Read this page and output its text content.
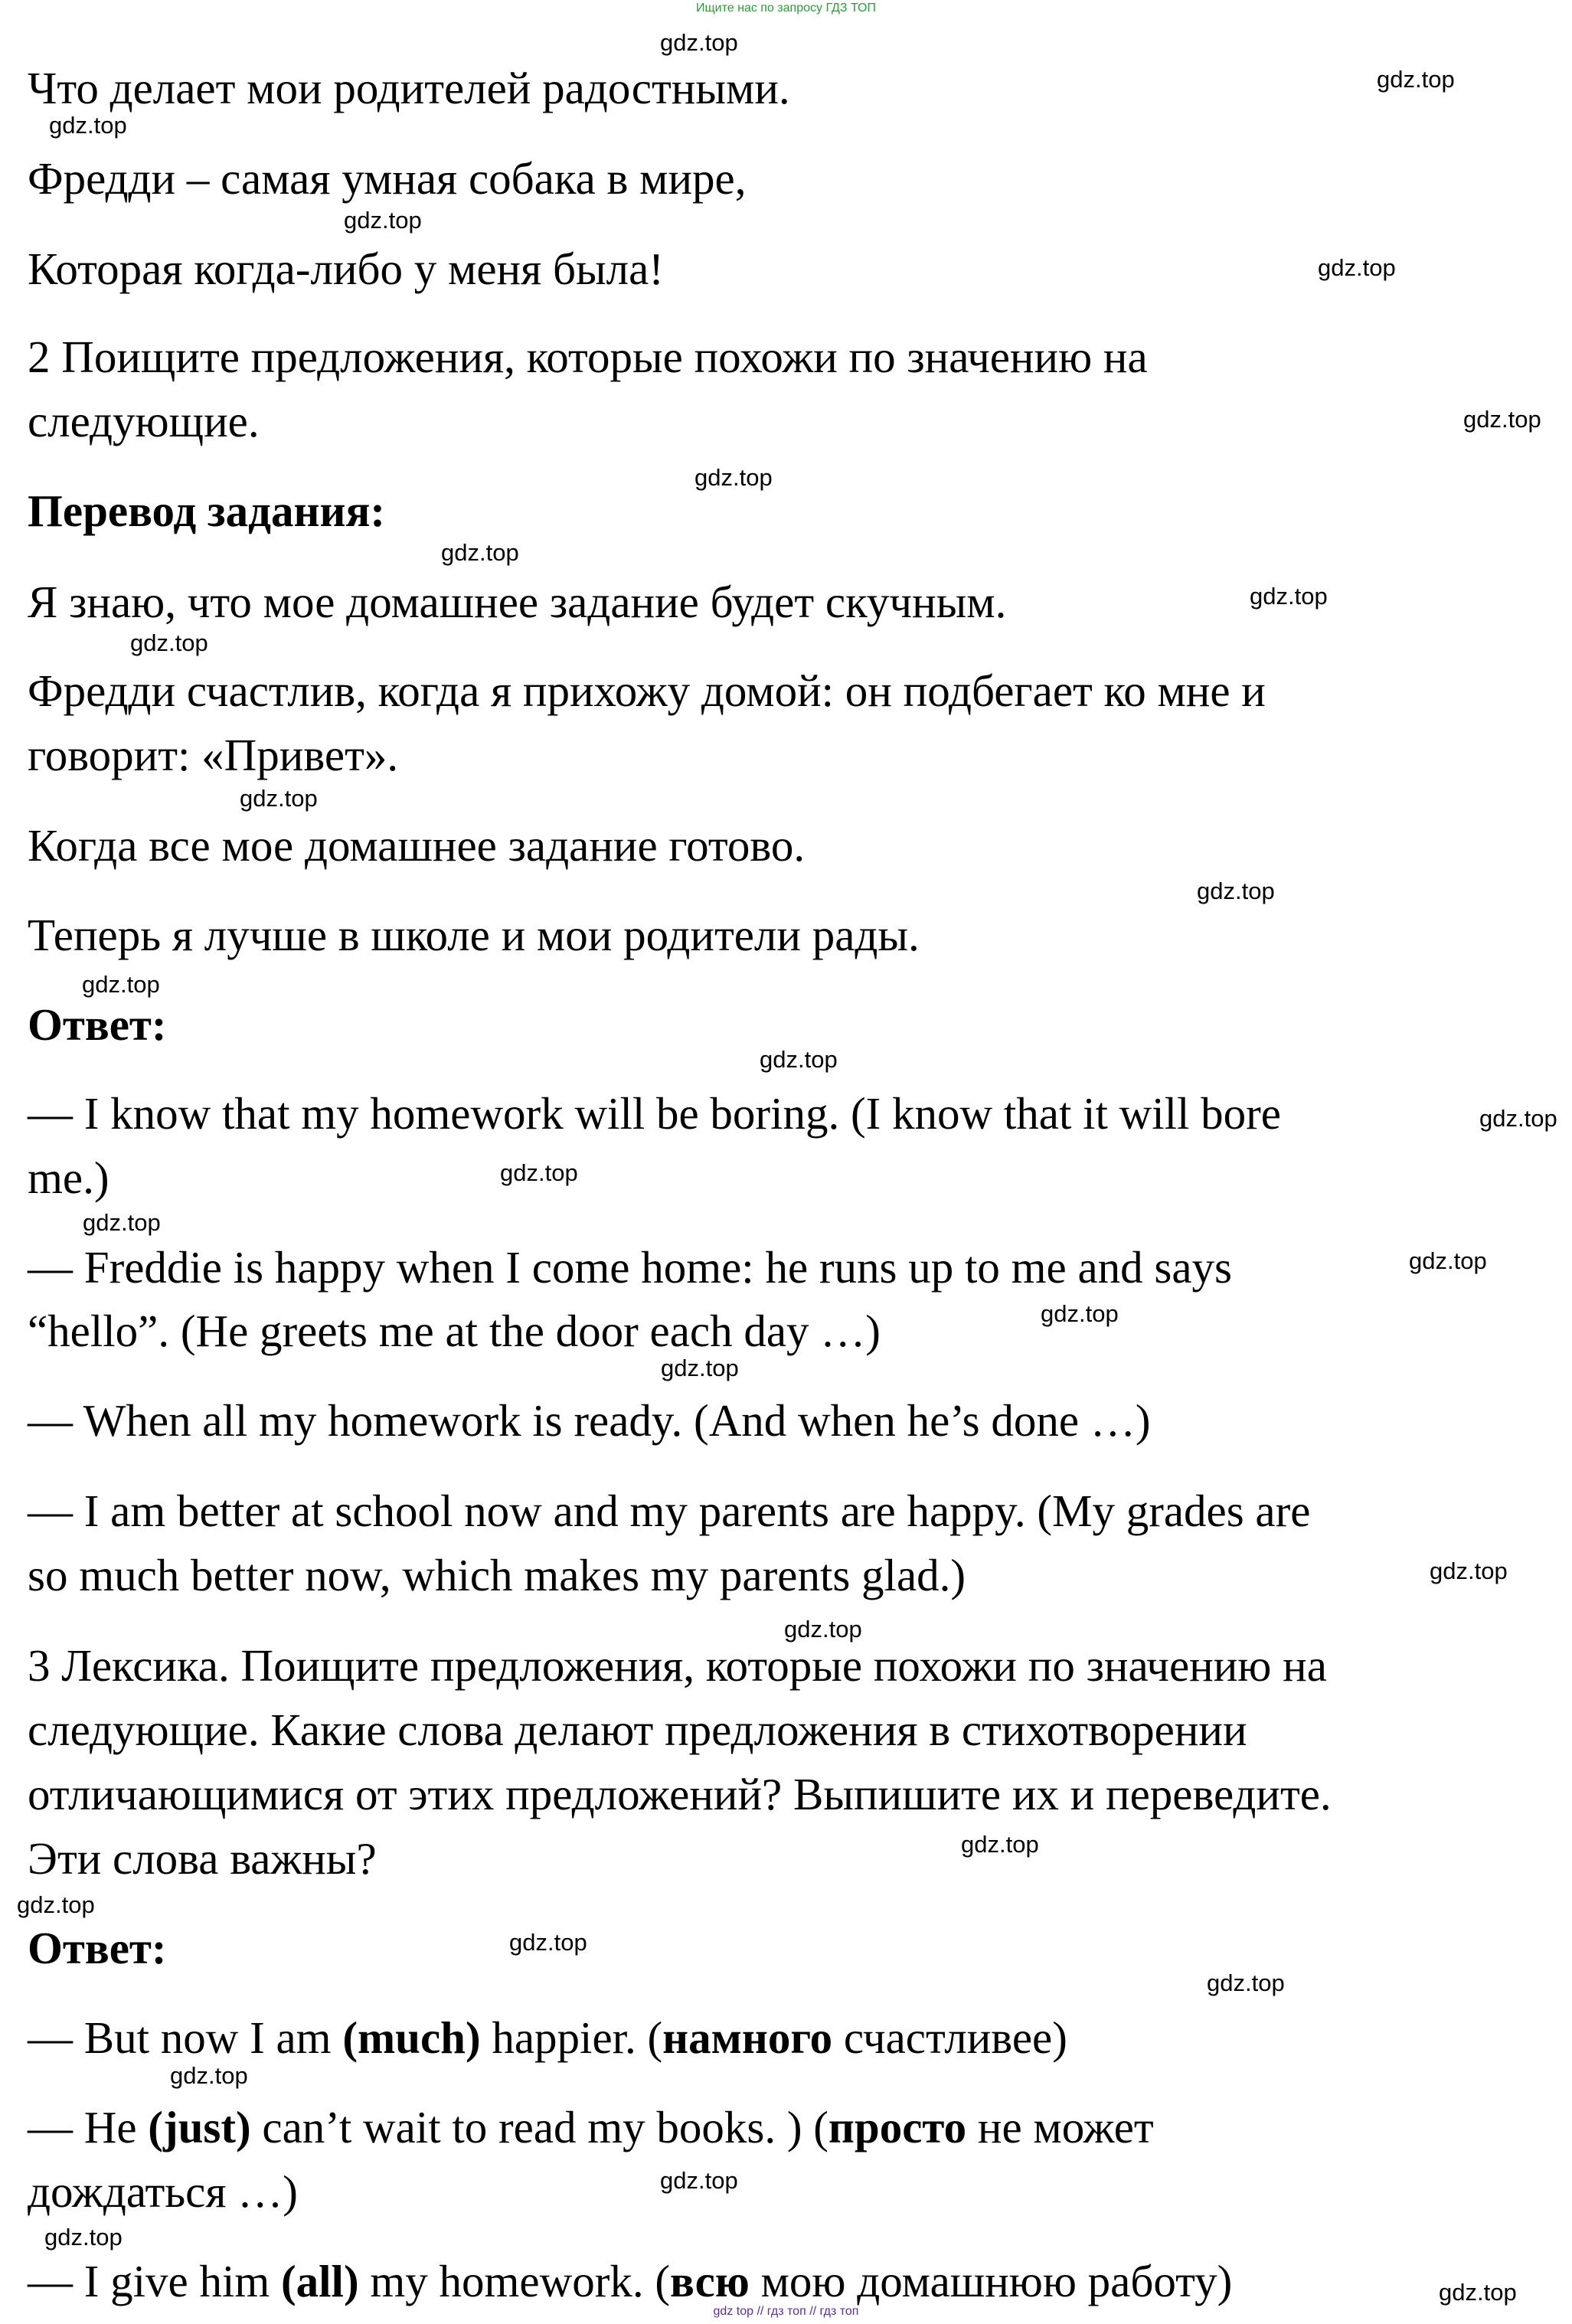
Ищите нас по запросу ГДЗ ТОП
Что делает мои родителей радостными.
Фредди – самая умная собака в мире,
Которая когда-либо у меня была!
2 Поищите предложения, которые похожи по значению на
следующие.
Перевод задания:
Я знаю, что мое домашнее задание будет скучным.
Фредди счастлив, когда я прихожу домой: он подбегает ко мне и
говорит: «Привет».
Когда все мое домашнее задание готово.
Теперь я лучше в школе и мои родители рады.
Ответ:
— I know that my homework will be boring. (I know that it will bore
me.)
— Freddie is happy when I come home: he runs up to me and says
“hello”. (He greets me at the door each day …)
— When all my homework is ready. (And when he’s done …)
— I am better at school now and my parents are happy. (My grades are
so much better now, which makes my parents glad.)
3 Лексика. Поищите предложения, которые похожи по значению на
следующие. Какие слова делают предложения в стихотворении
отличающимися от этих предложений? Выпишите их и переведите.
Эти слова важны?
Ответ:
— But now I am (much) happier. (намного счастливее)
— He (just) can’t wait to read my books. ) (просто не может
дождаться …)
— I give him (all) my homework. (всю мою домашнюю работу)
gdz.top
gdz.top
gdz.top
gdz.top
gdz.top
gdz.top
gdz.top
gdz.top
gdz.top
gdz.top
gdz.top
gdz.top
gdz.top
gdz.top
gdz.top
gdz.top
gdz.top
gdz.top
gdz.top
gdz.top
gdz.top
gdz.top
gdz.top
gdz.top
gdz.top
gdz.top
gdz.top
gdz.top
gdz.top
gdz.top
gdz top // гдз топ // гдз топ
